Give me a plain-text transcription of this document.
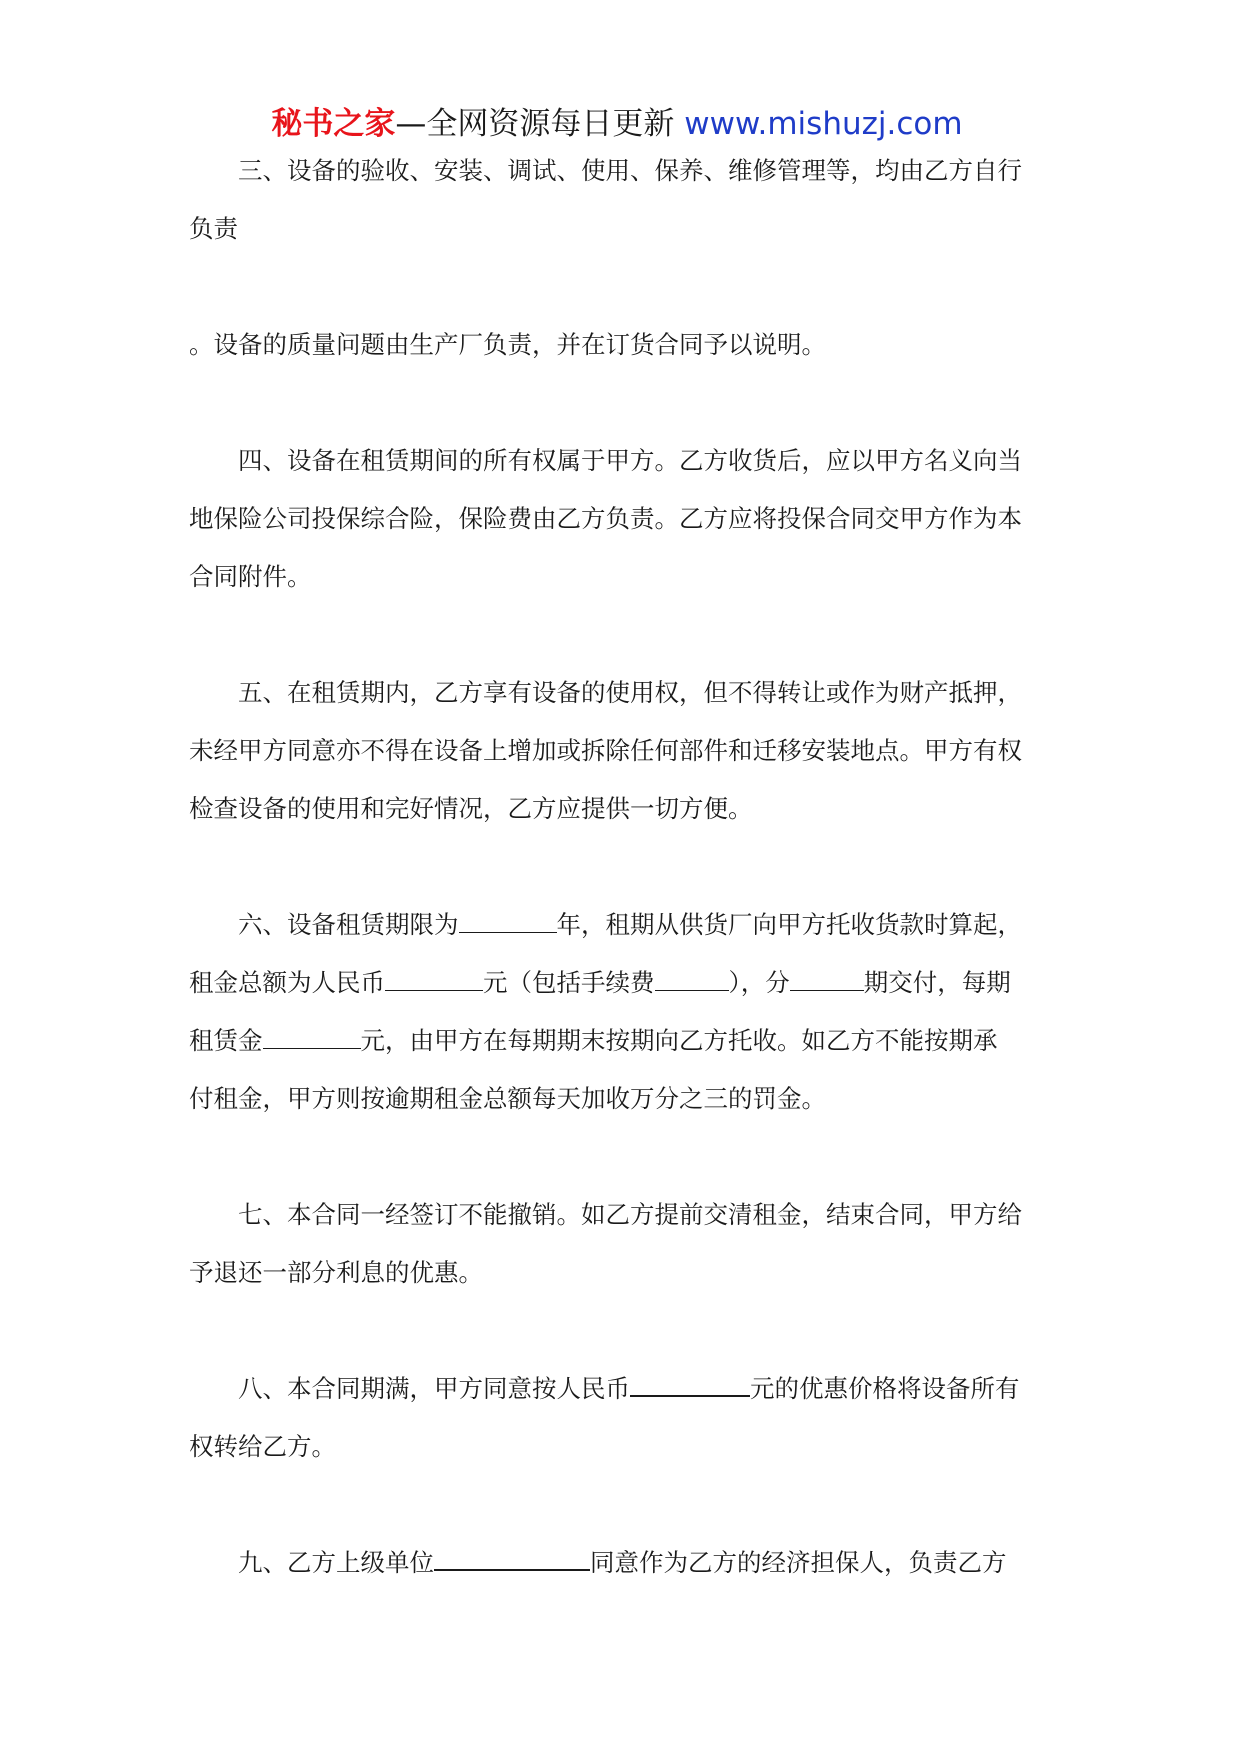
秘书之家—全网资源每日更新 www.mishuzj.com
三、设备的验收、安装、调试、使用、保养、维修管理等，均由乙方自行
负责
。设备的质量问题由生产厂负责，并在订货合同予以说明。
四、设备在租赁期间的所有权属于甲方。乙方收货后，应以甲方名义向当
地保险公司投保综合险，保险费由乙方负责。乙方应将投保合同交甲方作为本
合同附件。
五、在租赁期内，乙方享有设备的使用权，但不得转让或作为财产抵押，
未经甲方同意亦不得在设备上增加或拆除任何部件和迁移安装地点。甲方有权
检查设备的使用和完好情况，乙方应提供一切方便。
六、设备租赁期限为	年，租期从供货厂向甲方托收货款时算起，
租金总额为人民币	元（包括手续费	），分	期交付，每期
租赁金	元，由甲方在每期期末按期向乙方托收。如乙方不能按期承
付租金，甲方则按逾期租金总额每天加收万分之三的罚金。
七、本合同一经签订不能撤销。如乙方提前交清租金，结束合同，甲方给
予退还一部分利息的优惠。
八、本合同期满，甲方同意按人民币	元的优惠价格将设备所有
权转给乙方。
九、乙方上级单位	同意作为乙方的经济担保人，负责乙方
